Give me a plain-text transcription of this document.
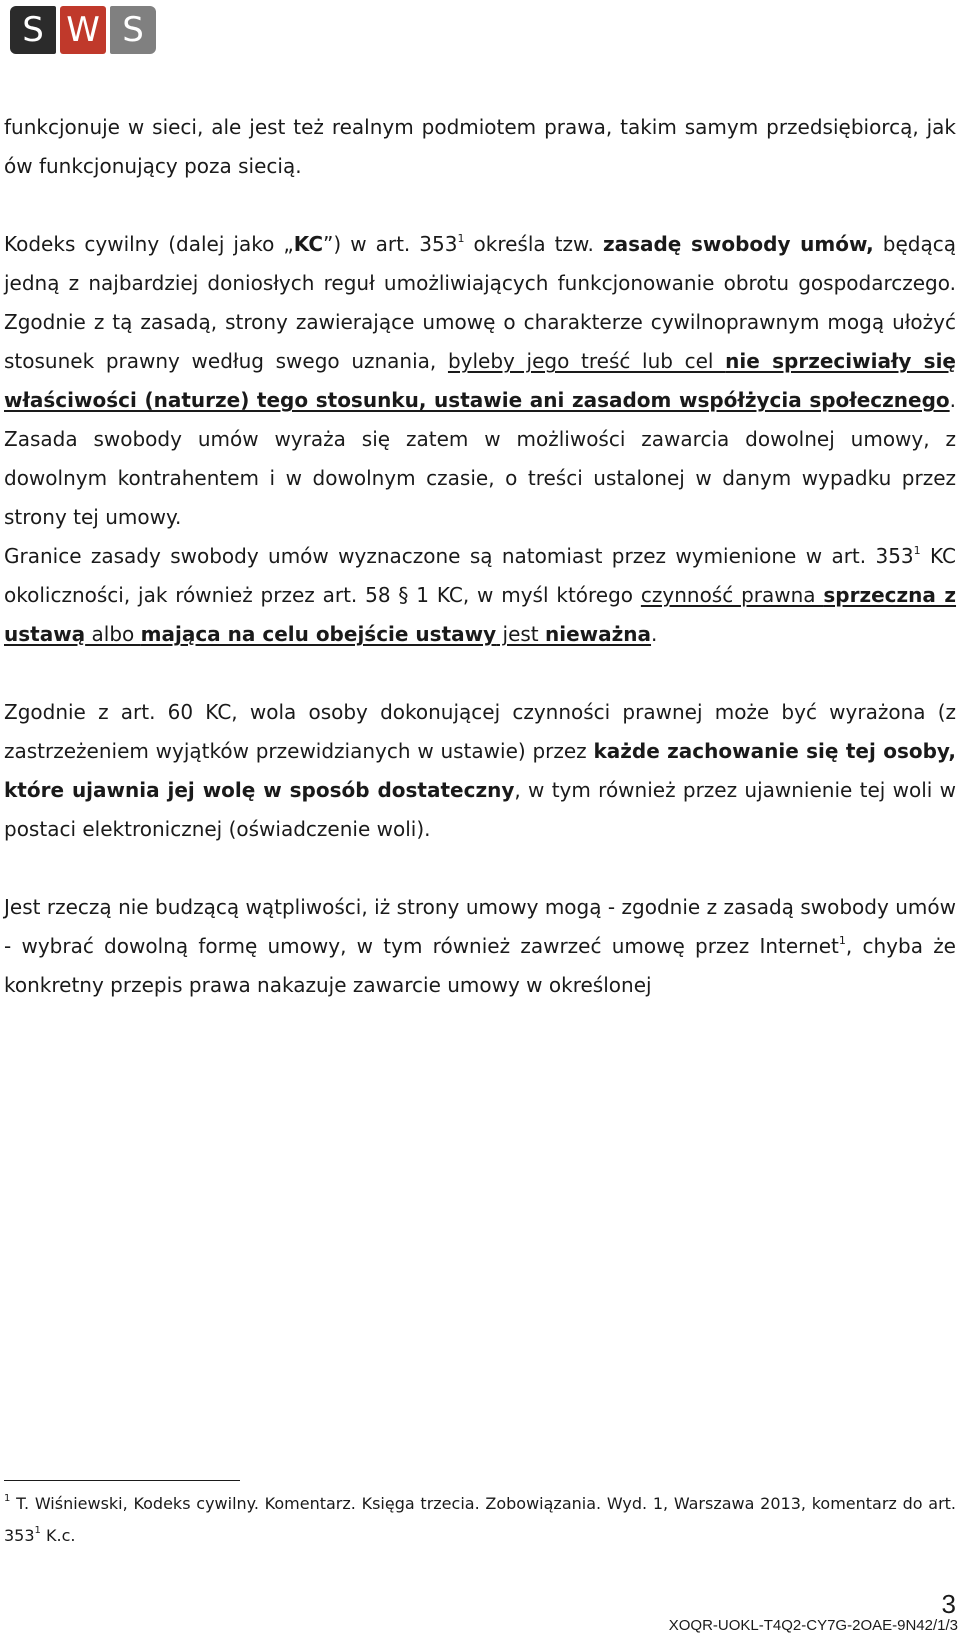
S W S

funkcjonuje w sieci, ale jest też realnym podmiotem prawa, takim samym przedsiębiorcą, jak ów funkcjonujący poza siecią.

Kodeks cywilny (dalej jako „KC”) w art. $353^1$ określa tzw. zasadę swobody umów, będącą jedną z najbardziej doniosłych reguł umożliwiających funkcjonowanie obrotu gospodarczego. Zgodnie z tą zasadą, strony zawierające umowę o charakterze cywilnoprawnym mogą ułożyć stosunek prawny według swego uznania, byleby jego treść lub cel nie sprzeciwiały się właściwości (naturze) tego stosunku, ustawie ani zasadom współżycia społecznego. Zasada swobody umów wyraża się zatem w możliwości zawarcia dowolnej umowy, z dowolnym kontrahentem i w dowolnym czasie, o treści ustalonej w danym wypadku przez strony tej umowy.

Granice zasady swobody umów wyznaczone są natomiast przez wymienione w art. $353^1$ KC okoliczności, jak również przez art. 58 § 1 KC, w myśl którego czynność prawna sprzeczna z ustawą albo mająca na celu obejście ustawy jest nieważna.

Zgodnie z art. 60 KC, wola osoby dokonującej czynności prawnej może być wyrażona (z zastrzeżeniem wyjątków przewidzianych w ustawie) przez każde zachowanie się tej osoby, które ujawnia jej wolę w sposób dostateczny, w tym również przez ujawnienie tej woli w postaci elektronicznej (oświadczenie woli).

Jest rzeczą nie budzącą wątpliwości, iż strony umowy mogą - zgodnie z zasadą swobody umów - wybrać dowolną formę umowy, w tym również zawrzeć umowę przez Internet$^1$, chyba że konkretny przepis prawa nakazuje zawarcie umowy w określonej

$^1$ T. Wiśniewski, Kodeks cywilny. Komentarz. Księga trzecia. Zobowiązania. Wyd. 1, Warszawa 2013, komentarz do art. $353^1$ K.c.

3
XOQR-UOKL-T4Q2-CY7G-2OAE-9N42/1/3
